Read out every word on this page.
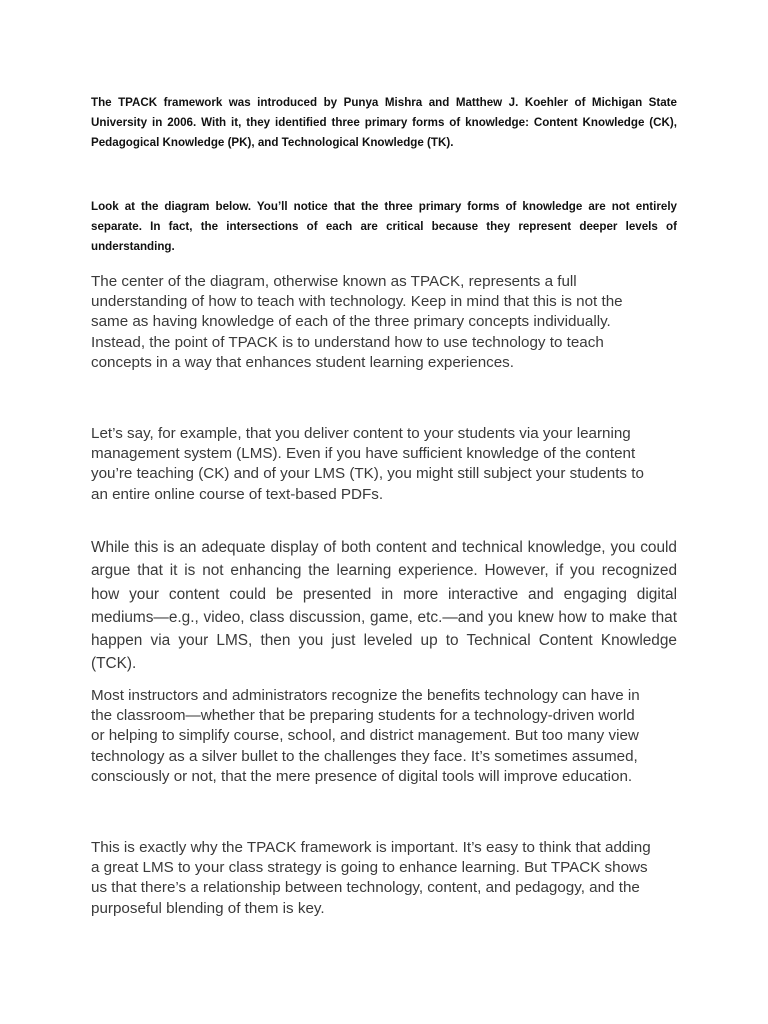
The TPACK framework was introduced by Punya Mishra and Matthew J. Koehler of Michigan State University in 2006. With it, they identified three primary forms of knowledge: Content Knowledge (CK), Pedagogical Knowledge (PK), and Technological Knowledge (TK).

Look at the diagram below. You’ll notice that the three primary forms of knowledge are not entirely separate. In fact, the intersections of each are critical because they represent deeper levels of understanding.

The center of the diagram, otherwise known as TPACK, represents a full understanding of how to teach with technology. Keep in mind that this is not the same as having knowledge of each of the three primary concepts individually. Instead, the point of TPACK is to understand how to use technology to teach concepts in a way that enhances student learning experiences.

Let’s say, for example, that you deliver content to your students via your learning management system (LMS). Even if you have sufficient knowledge of the content you’re teaching (CK) and of your LMS (TK), you might still subject your students to an entire online course of text-based PDFs.

While this is an adequate display of both content and technical knowledge, you could argue that it is not enhancing the learning experience. However, if you recognized how your content could be presented in more interactive and engaging digital mediums—e.g., video, class discussion, game, etc.—and you knew how to make that happen via your LMS, then you just leveled up to Technical Content Knowledge (TCK).

Most instructors and administrators recognize the benefits technology can have in the classroom—whether that be preparing students for a technology-driven world or helping to simplify course, school, and district management. But too many view technology as a silver bullet to the challenges they face. It’s sometimes assumed, consciously or not, that the mere presence of digital tools will improve education.

This is exactly why the TPACK framework is important. It’s easy to think that adding a great LMS to your class strategy is going to enhance learning. But TPACK shows us that there’s a relationship between technology, content, and pedagogy, and the purposeful blending of them is key.
